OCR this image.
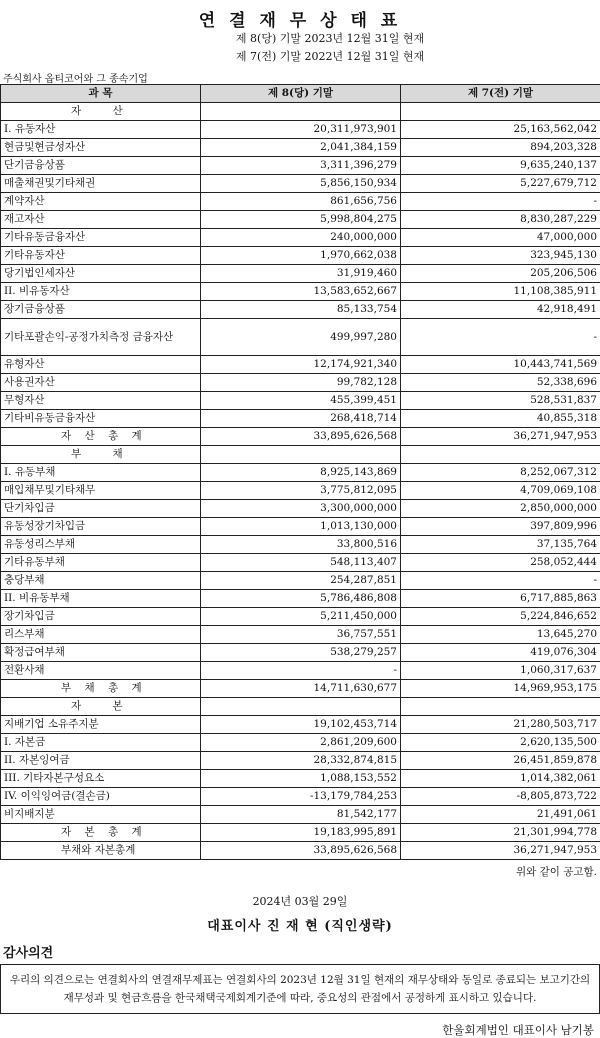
연 결 재 무 상 태 표
제 8(당) 기말 2023년 12월 31일 현재
제 7(전) 기말 2022년 12월 31일 현재
주식회사 옵티코어와 그 종속기업
과 목	제 8(당) 기말	제 7(전) 기말
자 산		
I. 유동자산	20,311,973,901	25,163,562,042
현금및현금성자산	2,041,384,159	894,203,328
단기금융상품	3,311,396,279	9,635,240,137
매출채권및기타채권	5,856,150,934	5,227,679,712
계약자산	861,656,756	-
재고자산	5,998,804,275	8,830,287,229
기타유동금융자산	240,000,000	47,000,000
기타유동자산	1,970,662,038	323,945,130
당기법인세자산	31,919,460	205,206,506
II. 비유동자산	13,583,652,667	11,108,385,911
장기금융상품	85,133,754	42,918,491
기타포괄손익-공정가치측정 금융자산	499,997,280	-
유형자산	12,174,921,340	10,443,741,569
사용권자산	99,782,128	52,338,696
무형자산	455,399,451	528,531,837
기타비유동금융자산	268,418,714	40,855,318
자 산 총 계	33,895,626,568	36,271,947,953
부 채		
I. 유동부채	8,925,143,869	8,252,067,312
매입채무및기타채무	3,775,812,095	4,709,069,108
단기차입금	3,300,000,000	2,850,000,000
유동성장기차입금	1,013,130,000	397,809,996
유동성리스부채	33,800,516	37,135,764
기타유동부채	548,113,407	258,052,444
충당부채	254,287,851	-
II. 비유동부채	5,786,486,808	6,717,885,863
장기차입금	5,211,450,000	5,224,846,652
리스부채	36,757,551	13,645,270
확정급여부채	538,279,257	419,076,304
전환사채	-	1,060,317,637
부 채 총 계	14,711,630,677	14,969,953,175
자 본		
지배기업 소유주지분	19,102,453,714	21,280,503,717
I. 자본금	2,861,209,600	2,620,135,500
II. 자본잉여금	28,332,874,815	26,451,859,878
III. 기타자본구성요소	1,088,153,552	1,014,382,061
IV. 이익잉여금(결손금)	-13,179,784,253	-8,805,873,722
비지배지분	81,542,177	21,491,061
자 본 총 계	19,183,995,891	21,301,994,778
부채와 자본총계	33,895,626,568	36,271,947,953
위와 같이 공고함.
2024년 03월 29일
대표이사 진 재 현 (직인생략)
감사의견
우리의 의견으로는 연결회사의 연결재무제표는 연결회사의 2023년 12월 31일 현재의 재무상태와 동일로 종료되는 보고기간의 재무성과 및 현금흐름을 한국채택국제회계기준에 따라, 중요성의 관점에서 공정하게 표시하고 있습니다.
한울회계법인 대표이사 남기봉
